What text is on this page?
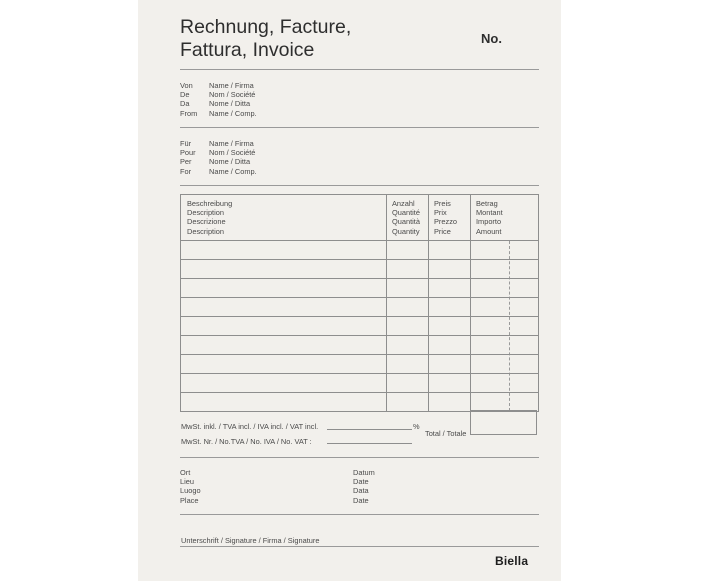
Rechnung, Facture,
Fattura, Invoice
No.
Von
De
Da
From
Name / Firma
Nom / Société
Nome / Ditta
Name / Comp.
Für
Pour
Per
For
Name / Firma
Nom / Société
Nome / Ditta
Name / Comp.
Beschreibung
Description
Descrizione
Description
Anzahl
Quantité
Quantità
Quantity
Preis
Prix
Prezzo
Price
Betrag
Montant
Importo
Amount
MwSt. inkl. / TVA incl. / IVA incl. / VAT incl.	%
MwSt. Nr. / No.TVA / No. IVA / No. VAT :
Total / Totale
Ort
Lieu
Luogo
Place
Datum
Date
Data
Date
Unterschrift / Signature / Firma / Signature
Biella
